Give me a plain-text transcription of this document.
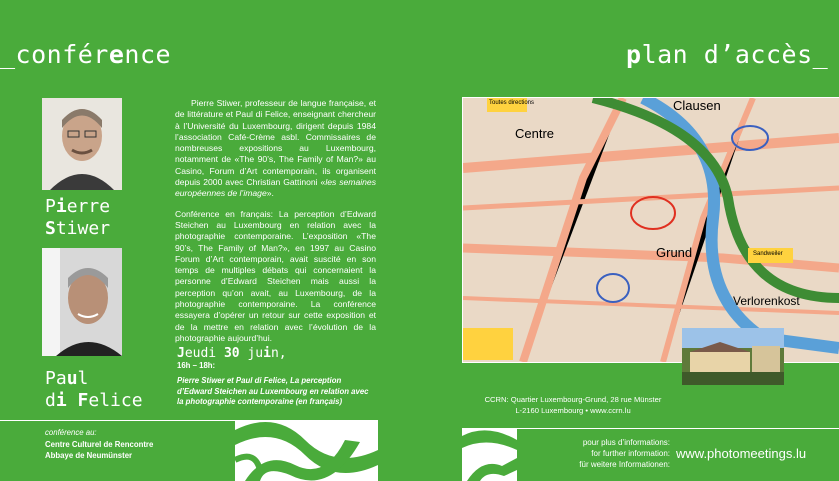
_conférence
Pierre
Stiwer
Paul
di Felice

Pierre Stiwer, professeur de langue française, et de littérature et Paul di Felice, enseignant chercheur à l’Université du Luxembourg, dirigent depuis 1984 l’association Café-Crème asbl. Commissaires de nombreuses expositions au Luxembourg, notamment de «The 90’s, The Family of Man?» au Casino, Forum d’Art contemporain, ils organisent depuis 2000 avec Christian Gattinoni «les semaines européennes de l’image».

Conférence en français: La perception d’Edward Steichen au Luxembourg en relation avec la photographie contemporaine. L’exposition «The 90’s, The Family of Man?», en 1997 au Casino Forum d’Art contemporain, avait suscité en son temps de multiples débats qui concernaient la personne d’Edward Steichen mais aussi la perception qu’on avait, au Luxembourg, de la photographie contemporaine. La conférence essayera d’opérer un retour sur cette exposition et de la mettre en relation avec l’évolution de la photographie aujourd’hui.

Jeudi 30 juin,
16h – 18h:
Pierre Stiwer et Paul di Felice, La perception d’Edward Steichen au Luxembourg en relation avec la photographie contemporaine (en français)
conférence au:
Centre Culturel de Rencontre
Abbaye de Neumünster
plan d’accès_
Clausen
Centre
Grund
Verlorenkost
Toutes directions
Sandweiler
CCRN: Quartier Luxembourg-Grund, 28 rue Münster
L-2160 Luxembourg • www.ccrn.lu
pour plus d’informations:
for further information:
für weitere Informationen:
www.photomeetings.lu
